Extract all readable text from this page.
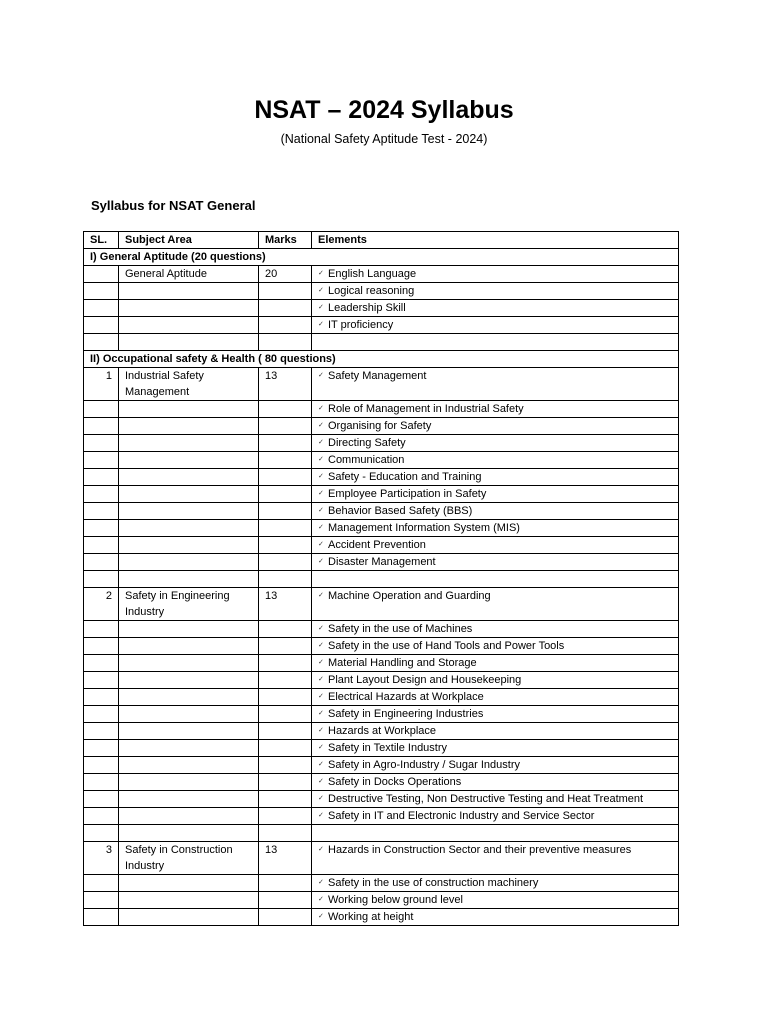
NSAT – 2024 Syllabus
(National Safety Aptitude Test - 2024)
Syllabus for NSAT General
SL.	Subject Area	Marks	Elements
I) General Aptitude (20 questions)			
	General Aptitude	20	✓ English Language
			✓ Logical reasoning
			✓ Leadership Skill
			✓ IT proficiency

II) Occupational safety & Health ( 80 questions)			
1	Industrial Safety Management	13	✓ Safety Management
			✓ Role of Management in Industrial Safety
			✓ Organising for Safety
			✓ Directing Safety
			✓ Communication
			✓ Safety - Education and Training
			✓ Employee Participation in Safety
			✓ Behavior Based Safety (BBS)
			✓ Management Information System (MIS)
			✓ Accident Prevention
			✓ Disaster Management

2	Safety in Engineering Industry	13	✓ Machine Operation and Guarding
			✓ Safety in the use of Machines
			✓ Safety in the use of Hand Tools and Power Tools
			✓ Material Handling and Storage
			✓ Plant Layout Design and Housekeeping
			✓ Electrical Hazards at Workplace
			✓ Safety in Engineering Industries
			✓ Hazards at Workplace
			✓ Safety in Textile Industry
			✓ Safety in Agro-Industry / Sugar Industry
			✓ Safety in Docks Operations
			✓ Destructive Testing, Non Destructive Testing and Heat Treatment
			✓ Safety in IT and Electronic Industry and Service Sector

3	Safety in Construction Industry	13	✓ Hazards in Construction Sector and their preventive measures
			✓ Safety in the use of construction machinery
			✓ Working below ground level
			✓ Working at height
